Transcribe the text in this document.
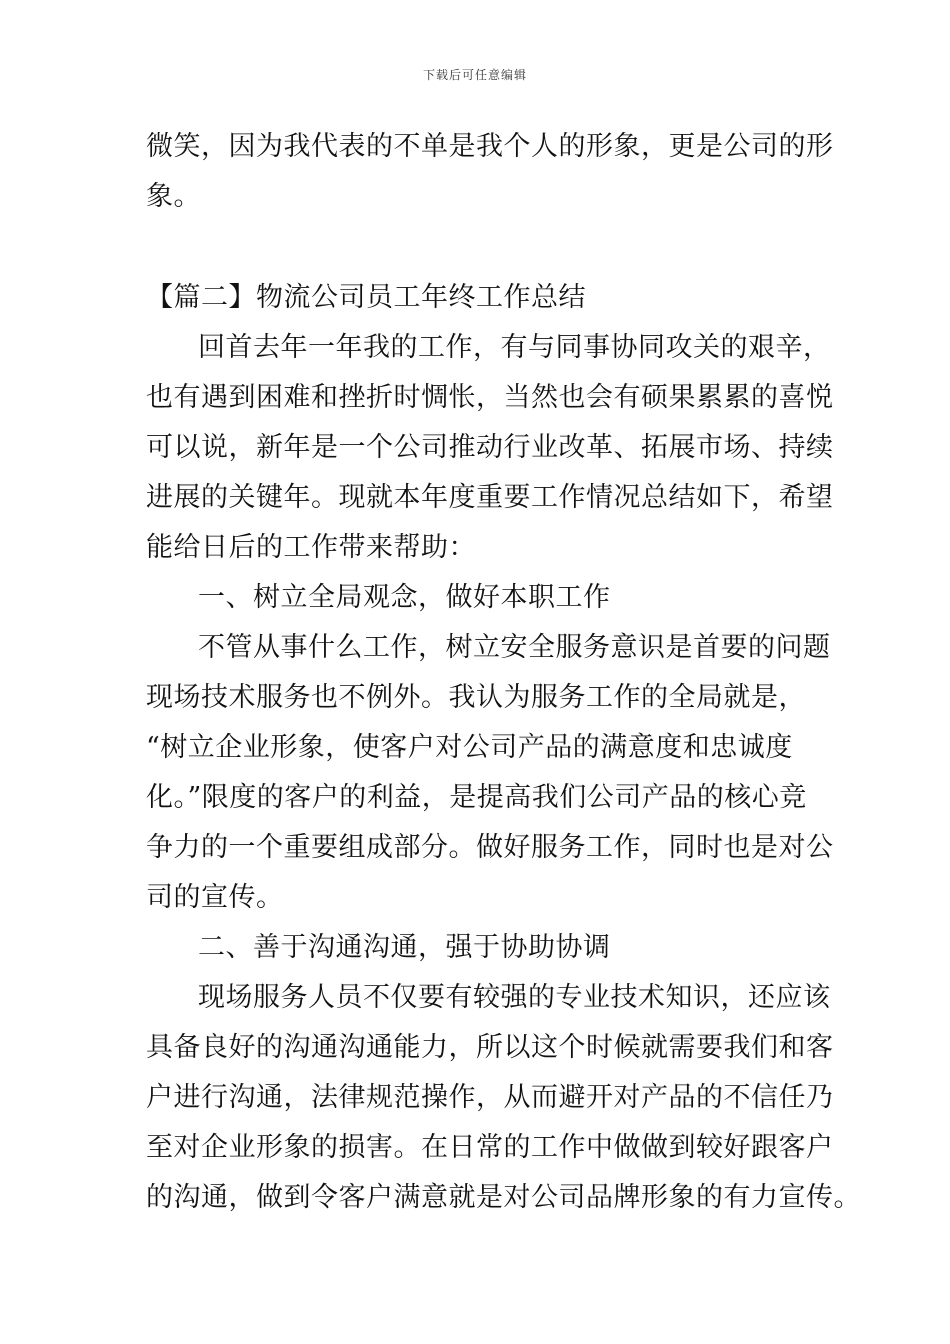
下载后可任意编辑
微笑，因为我代表的不单是我个人的形象，更是公司的形
象。
【篇二】物流公司员工年终工作总结
回首去年一年我的工作，有与同事协同攻关的艰辛，
也有遇到困难和挫折时惆怅，当然也会有硕果累累的喜悦
可以说，新年是一个公司推动行业改革、拓展市场、持续
进展的关键年。现就本年度重要工作情况总结如下，希望
能给日后的工作带来帮助：
一、树立全局观念，做好本职工作
不管从事什么工作，树立安全服务意识是首要的问题
现场技术服务也不例外。我认为服务工作的全局就是，
“树立企业形象，使客户对公司产品的满意度和忠诚度
化。”限度的客户的利益，是提高我们公司产品的核心竞
争力的一个重要组成部分。做好服务工作，同时也是对公
司的宣传。
二、善于沟通沟通，强于协助协调
现场服务人员不仅要有较强的专业技术知识，还应该
具备良好的沟通沟通能力，所以这个时候就需要我们和客
户进行沟通，法律规范操作，从而避开对产品的不信任乃
至对企业形象的损害。在日常的工作中做做到较好跟客户
的沟通，做到令客户满意就是对公司品牌形象的有力宣传。
